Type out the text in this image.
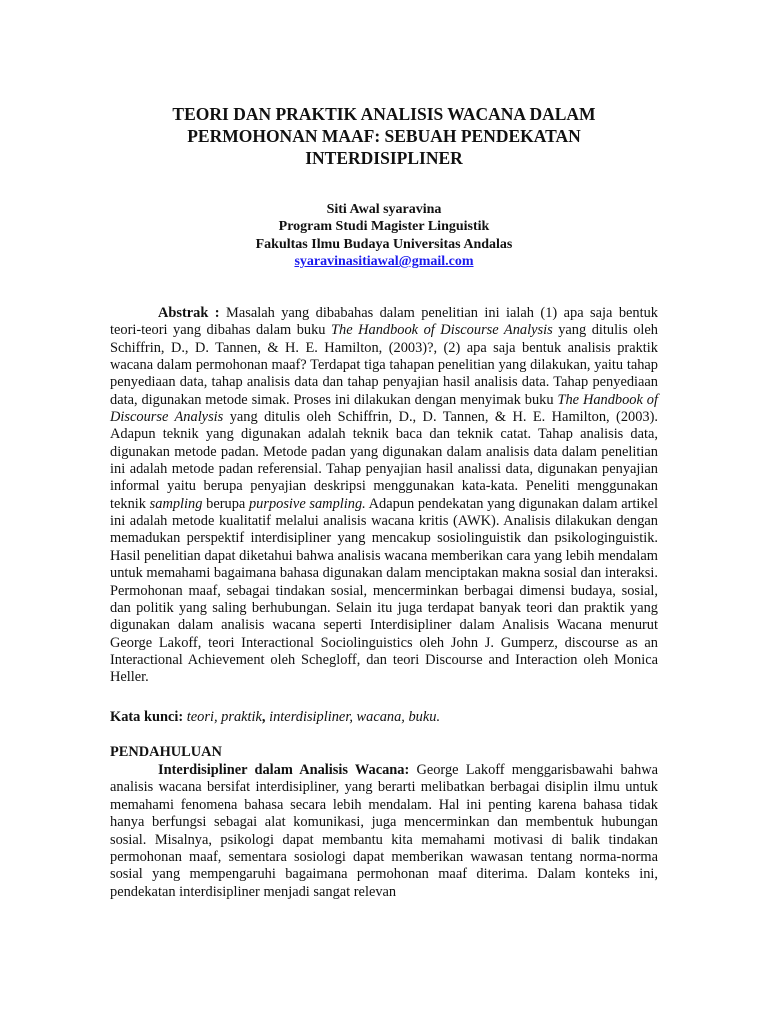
TEORI DAN PRAKTIK ANALISIS WACANA DALAM
PERMOHONAN MAAF: SEBUAH PENDEKATAN
INTERDISIPLINER
Siti Awal syaravina
Program Studi Magister Linguistik
Fakultas Ilmu Budaya Universitas Andalas
syaravinasitiawal@gmail.com

Abstrak : Masalah yang dibabahas dalam penelitian ini ialah (1) apa saja bentuk teori-teori yang dibahas dalam buku The Handbook of Discourse Analysis yang ditulis oleh Schiffrin, D., D. Tannen, & H. E. Hamilton, (2003)?, (2) apa saja bentuk analisis praktik wacana dalam permohonan maaf? Terdapat tiga tahapan penelitian yang dilakukan, yaitu tahap penyediaan data, tahap analisis data dan tahap penyajian hasil analisis data. Tahap penyediaan data, digunakan metode simak. Proses ini dilakukan dengan menyimak buku The Handbook of Discourse Analysis yang ditulis oleh Schiffrin, D., D. Tannen, & H. E. Hamilton, (2003). Adapun teknik yang digunakan adalah teknik baca dan teknik catat. Tahap analisis data, digunakan metode padan. Metode padan yang digunakan dalam analisis data dalam penelitian ini adalah metode padan referensial. Tahap penyajian hasil analissi data, digunakan penyajian informal yaitu berupa penyajian deskripsi menggunakan kata-kata. Peneliti menggunakan teknik sampling berupa purposive sampling. Adapun pendekatan yang digunakan dalam artikel ini adalah metode kualitatif melalui analisis wacana kritis (AWK). Analisis dilakukan dengan memadukan perspektif interdisipliner yang mencakup sosiolinguistik dan psikologinguistik. Hasil penelitian dapat diketahui bahwa analisis wacana memberikan cara yang lebih mendalam untuk memahami bagaimana bahasa digunakan dalam menciptakan makna sosial dan interaksi. Permohonan maaf, sebagai tindakan sosial, mencerminkan berbagai dimensi budaya, sosial, dan politik yang saling berhubungan. Selain itu juga terdapat banyak teori dan praktik yang digunakan dalam analisis wacana seperti Interdisipliner dalam Analisis Wacana menurut George Lakoff, teori Interactional Sociolinguistics oleh John J. Gumperz, discourse as an Interactional Achievement oleh Schegloff, dan teori Discourse and Interaction oleh Monica Heller.

Kata kunci: teori, praktik, interdisipliner, wacana, buku.

PENDAHULUAN

Interdisipliner dalam Analisis Wacana: George Lakoff menggarisbawahi bahwa analisis wacana bersifat interdisipliner, yang berarti melibatkan berbagai disiplin ilmu untuk memahami fenomena bahasa secara lebih mendalam. Hal ini penting karena bahasa tidak hanya berfungsi sebagai alat komunikasi, juga mencerminkan dan membentuk hubungan sosial. Misalnya, psikologi dapat membantu kita memahami motivasi di balik tindakan permohonan maaf, sementara sosiologi dapat memberikan wawasan tentang norma-norma sosial yang mempengaruhi bagaimana permohonan maaf diterima. Dalam konteks ini, pendekatan interdisipliner menjadi sangat relevan
